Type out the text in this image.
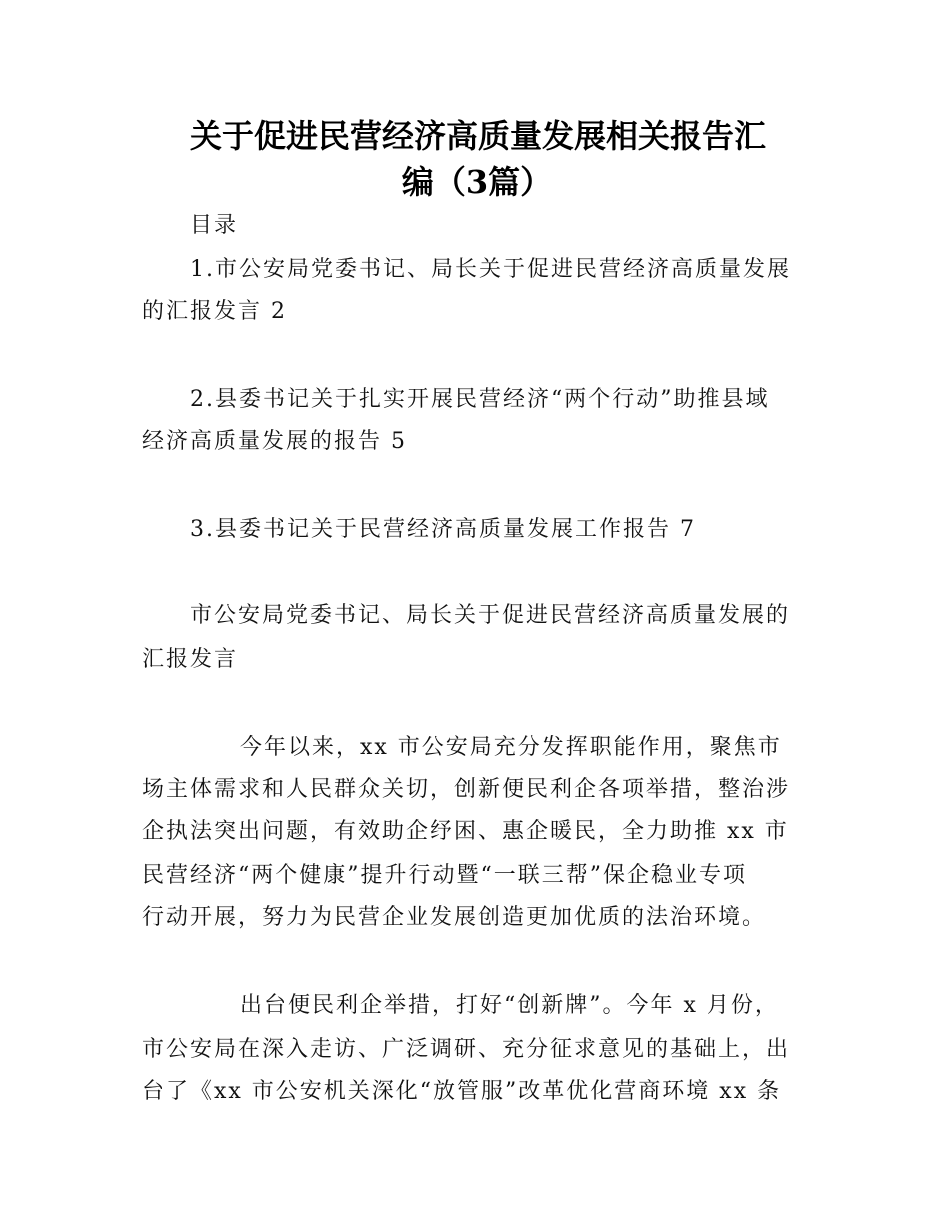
关于促进民营经济高质量发展相关报告汇
编（3篇）

目录

1.市公安局党委书记、局长关于促进民营经济高质量发展

的汇报发言 2

2.县委书记关于扎实开展民营经济“两个行动”助推县域

经济高质量发展的报告 5

3.县委书记关于民营经济高质量发展工作报告 7

市公安局党委书记、局长关于促进民营经济高质量发展的

汇报发言

今年以来，xx 市公安局充分发挥职能作用，聚焦市

场主体需求和人民群众关切，创新便民利企各项举措，整治涉

企执法突出问题，有效助企纾困、惠企暖民，全力助推 xx 市

民营经济“两个健康”提升行动暨“一联三帮”保企稳业专项

行动开展，努力为民营企业发展创造更加优质的法治环境。

出台便民利企举措，打好“创新牌”。今年 x 月份，

市公安局在深入走访、广泛调研、充分征求意见的基础上，出

台了《xx 市公安机关深化“放管服”改革优化营商环境 xx 条
